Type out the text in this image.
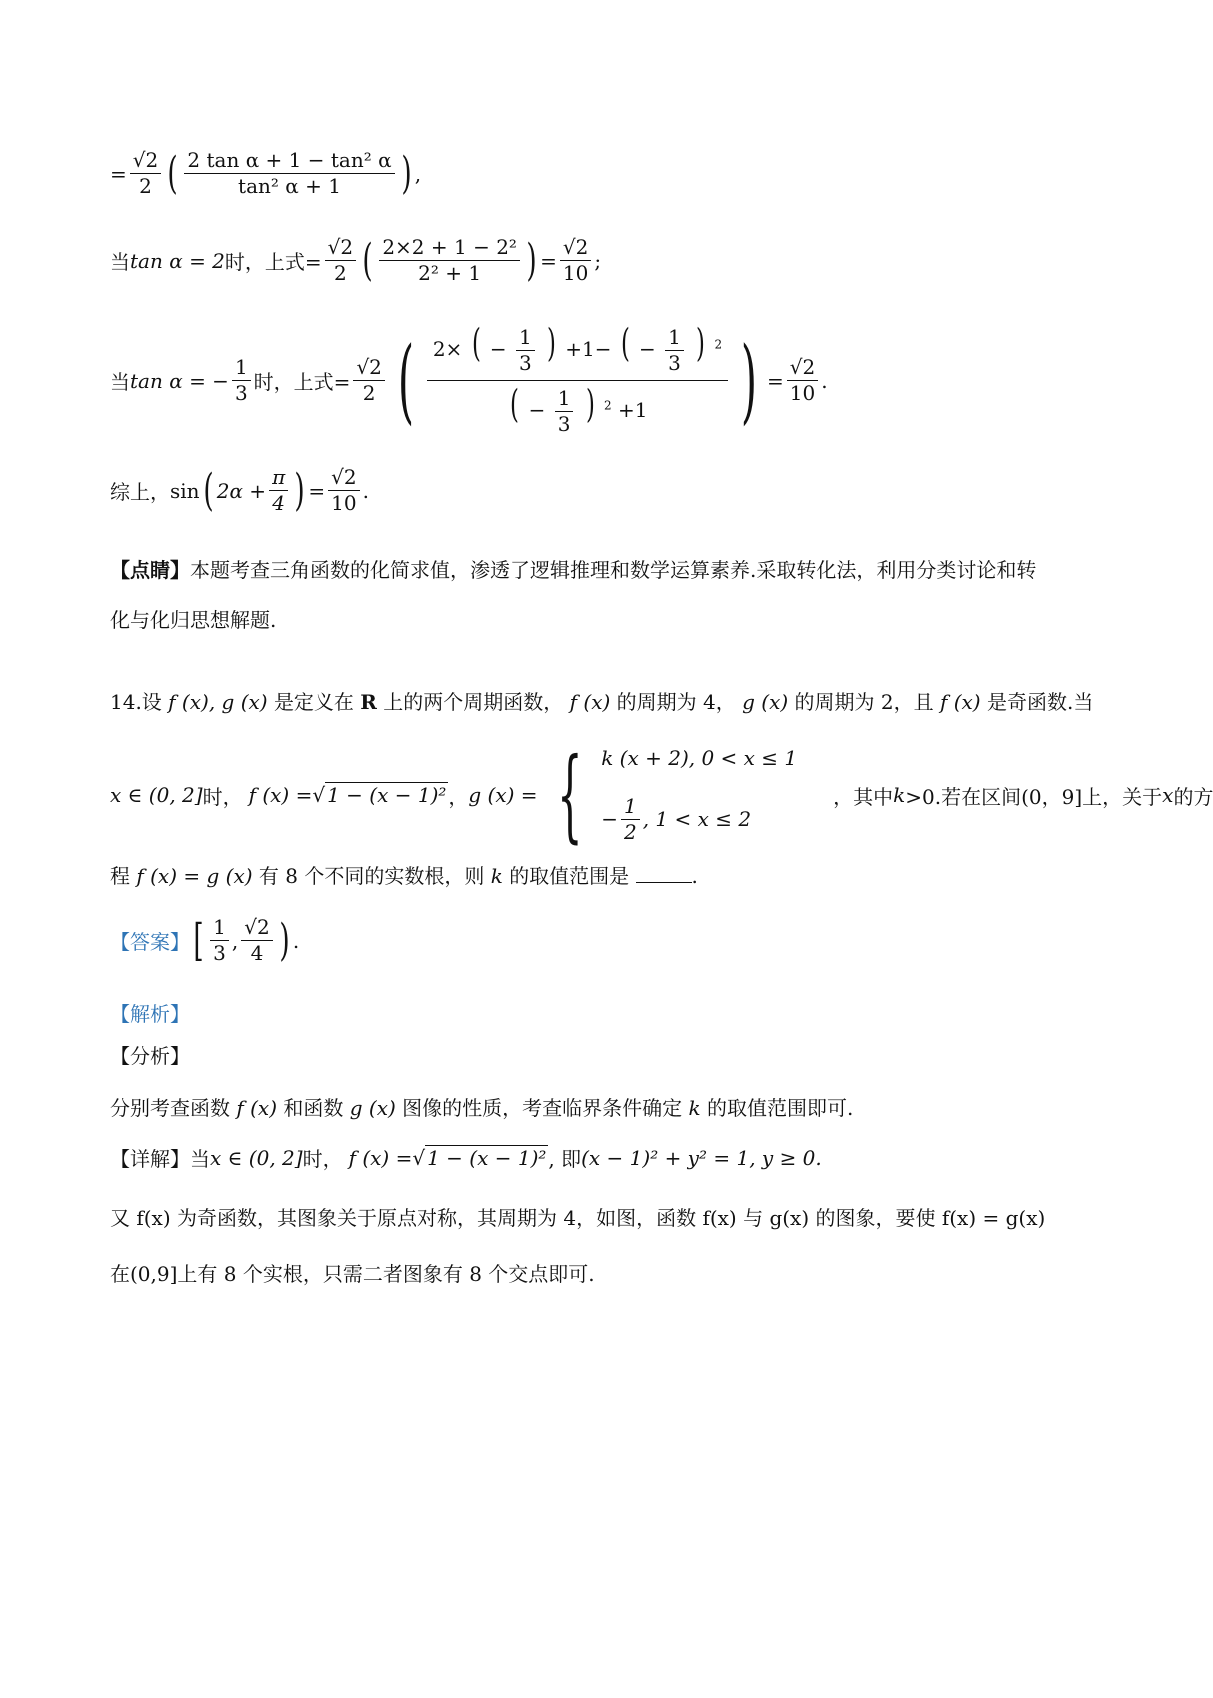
= $\frac{√2}{2}$ ( $\frac{\text{2 tan α + 1 − tan² α}}{\text{tan² α + 1}}$ ) ,
当 tan α = 2 时，上式= $\frac{√2}{2}$ ( $\frac{\text{2×2 + 1 − 2²}}{\text{2² + 1}}$ ) = $\frac{√2}{10}$ ;
当 tan α = − $\frac{1}{3}$ 时，上式= $\frac{√2}{2}$ ( 2× ( − $\frac{1}{3}$ ) +1− ( − $\frac{1}{3}$ ) $^2$
( − $\frac{1}{3}$ ) $^2$ +1 ) = $\frac{√2}{10}$ .
综上， sin ( $2\alpha + \frac{\pi}{4}$ ) = $\frac{√2}{10}$ .
【点睛】本题考查三角函数的化简求值，渗透了逻辑推理和数学运算素养.采取转化法，利用分类讨论和转
化与化归思想解题.
14.设 f (x), g (x) 是定义在 R 上的两个周期函数， f (x) 的周期为 4， g (x) 的周期为 2，且 f (x) 是奇函数.当
x ∈ (0, 2] 时， f (x) = √ 1 − (x − 1)² ， g (x) = { k (x + 2), 0 < x ≤ 1
− $\frac{1}{2}$ , 1 < x ≤ 2
，其中 k >0.若在区间(0，9]上，关于 x 的方
程 f (x) = g (x) 有 8 个不同的实数根，则 k 的取值范围是	.
【答案】 [ $\frac{1}{3}$ , $\frac{√2}{4}$ ) .
【解析】
【分析】
分别考查函数 f (x) 和函数 g (x) 图像的性质，考查临界条件确定 k 的取值范围即可.
【详解】 当 x ∈ (0, 2] 时， f (x) = √ 1 − (x − 1)² , 即 (x − 1)² + y² = 1, y ≥ 0.
又 f(x) 为奇函数，其图象关于原点对称，其周期为 4，如图，函数 f(x) 与 g(x) 的图象，要使 f(x) = g(x)
在(0,9]上有 8 个实根，只需二者图象有 8 个交点即可.
